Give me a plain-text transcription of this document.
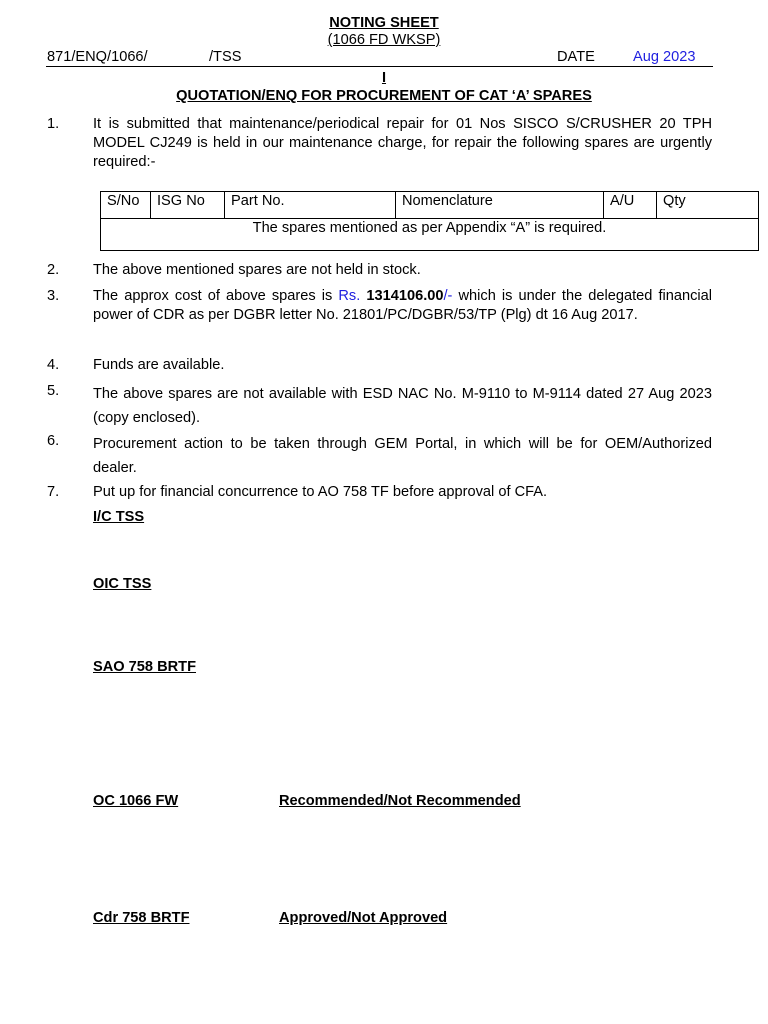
NOTING SHEET
(1066 FD WKSP)
871/ENQ/1066/	/TSS	DATE	Aug 2023
I
QUOTATION/ENQ FOR PROCUREMENT OF CAT ‘A’ SPARES
1. It is submitted that maintenance/periodical repair for 01 Nos SISCO S/CRUSHER 20 TPH MODEL CJ249 is held in our maintenance charge, for repair the following spares are urgently required:-
S/No	ISG No	Part No.	Nomenclature	A/U	Qty
The spares mentioned as per Appendix “A” is required.
2. The above mentioned spares are not held in stock.
3. The approx cost of above spares is Rs. 1314106.00/- which is under the delegated financial power of CDR as per DGBR letter No. 21801/PC/DGBR/53/TP (Plg) dt 16 Aug 2017.
4. Funds are available.
5. The above spares are not available with ESD NAC No. M-9110 to M-9114 dated 27 Aug 2023 (copy enclosed).
6. Procurement action to be taken through GEM Portal, in which will be for OEM/Authorized dealer.
7. Put up for financial concurrence to AO 758 TF before approval of CFA.
I/C TSS
OIC TSS
SAO 758 BRTF
OC 1066 FW	Recommended/Not Recommended
Cdr 758 BRTF	Approved/Not Approved
